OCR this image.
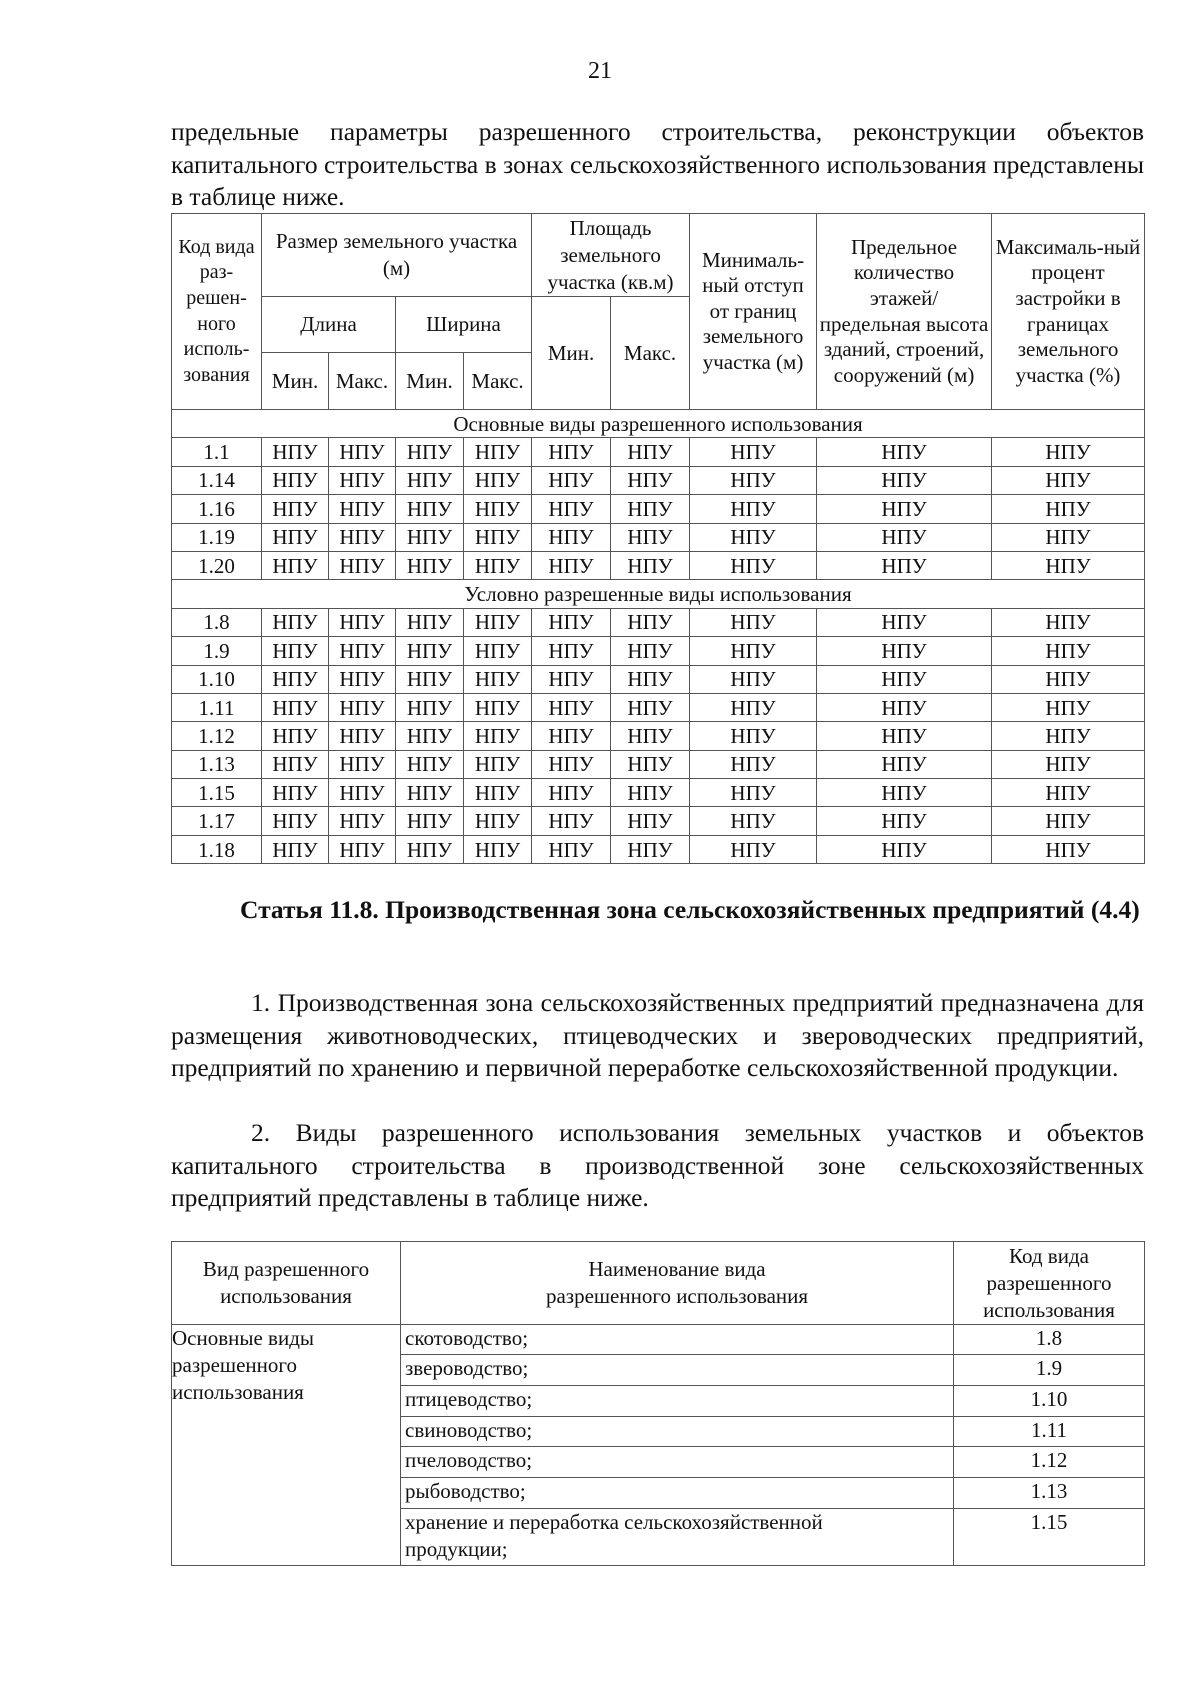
21
предельные параметры разрешенного строительства, реконструкции объектов капитального строительства в зонах сельскохозяйственного использования представлены в таблице ниже.
Код вида раз-решен-ного исполь-зования	Размер земельного участка (м)				Площадь земельного участка (кв.м)		Минималь-ный отступ от границ земельного участка (м)	Предельное количество этажей/ предельная высота зданий, строений, сооружений (м)	Максималь-ный процент застройки в границах земельного участка (%)
	Длина		Ширина		Мин.	Макс.			
	Мин.	Макс.	Мин.	Макс.					
Основные виды разрешенного использования									
1.1	НПУ	НПУ	НПУ	НПУ	НПУ	НПУ	НПУ	НПУ	НПУ
1.14	НПУ	НПУ	НПУ	НПУ	НПУ	НПУ	НПУ	НПУ	НПУ
1.16	НПУ	НПУ	НПУ	НПУ	НПУ	НПУ	НПУ	НПУ	НПУ
1.19	НПУ	НПУ	НПУ	НПУ	НПУ	НПУ	НПУ	НПУ	НПУ
1.20	НПУ	НПУ	НПУ	НПУ	НПУ	НПУ	НПУ	НПУ	НПУ
Условно разрешенные виды использования									
1.8	НПУ	НПУ	НПУ	НПУ	НПУ	НПУ	НПУ	НПУ	НПУ
1.9	НПУ	НПУ	НПУ	НПУ	НПУ	НПУ	НПУ	НПУ	НПУ
1.10	НПУ	НПУ	НПУ	НПУ	НПУ	НПУ	НПУ	НПУ	НПУ
1.11	НПУ	НПУ	НПУ	НПУ	НПУ	НПУ	НПУ	НПУ	НПУ
1.12	НПУ	НПУ	НПУ	НПУ	НПУ	НПУ	НПУ	НПУ	НПУ
1.13	НПУ	НПУ	НПУ	НПУ	НПУ	НПУ	НПУ	НПУ	НПУ
1.15	НПУ	НПУ	НПУ	НПУ	НПУ	НПУ	НПУ	НПУ	НПУ
1.17	НПУ	НПУ	НПУ	НПУ	НПУ	НПУ	НПУ	НПУ	НПУ
1.18	НПУ	НПУ	НПУ	НПУ	НПУ	НПУ	НПУ	НПУ	НПУ
Статья 11.8. Производственная зона сельскохозяйственных предприятий (4.4)
1. Производственная зона сельскохозяйственных предприятий предназначена для размещения животноводческих, птицеводческих и звероводческих предприятий, предприятий по хранению и первичной переработке сельскохозяйственной продукции.
2. Виды разрешенного использования земельных участков и объектов капитального строительства в производственной зоне сельскохозяйственных предприятий представлены в таблице ниже.
Вид разрешенного использования	Наименование вида разрешенного использования	Код вида разрешенного использования
Основные виды разрешенного использования	скотоводство;	1.8
	звероводство;	1.9
	птицеводство;	1.10
	свиноводство;	1.11
	пчеловодство;	1.12
	рыбоводство;	1.13
	хранение и переработка сельскохозяйственной продукции;	1.15
